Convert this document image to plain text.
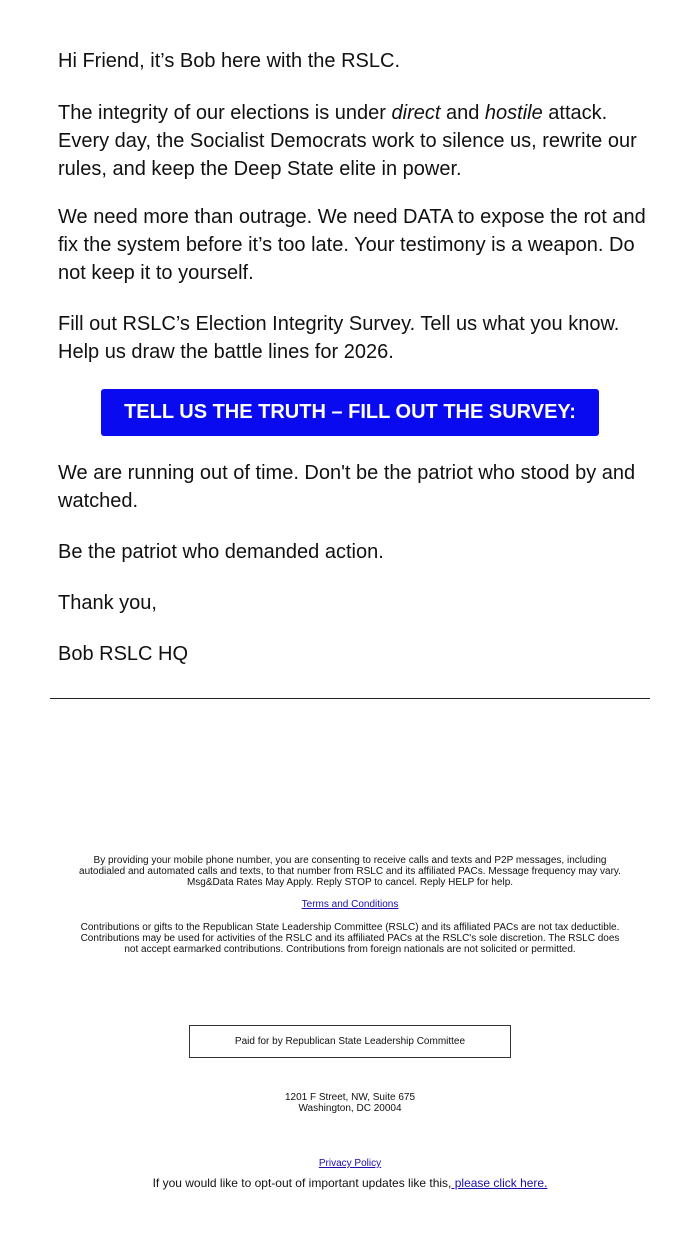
Hi Friend, it’s Bob here with the RSLC.

The integrity of our elections is under direct and hostile attack. Every day, the Socialist Democrats work to silence us, rewrite our rules, and keep the Deep State elite in power.

We need more than outrage. We need DATA to expose the rot and fix the system before it’s too late. Your testimony is a weapon. Do not keep it to yourself.

Fill out RSLC’s Election Integrity Survey. Tell us what you know. Help us draw the battle lines for 2026.

TELL US THE TRUTH – FILL OUT THE SURVEY:

We are running out of time. Don't be the patriot who stood by and watched.

Be the patriot who demanded action.

Thank you,

Bob RSLC HQ

By providing your mobile phone number, you are consenting to receive calls and texts and P2P messages, including autodialed and automated calls and texts, to that number from RSLC and its affiliated PACs. Message frequency may vary. Msg&Data Rates May Apply. Reply STOP to cancel. Reply HELP for help.
Terms and Conditions
Contributions or gifts to the Republican State Leadership Committee (RSLC) and its affiliated PACs are not tax deductible. Contributions may be used for activities of the RSLC and its affiliated PACs at the RSLC's sole discretion. The RSLC does not accept earmarked contributions. Contributions from foreign nationals are not solicited or permitted.
Paid for by Republican State Leadership Committee
1201 F Street, NW, Suite 675
Washington, DC 20004
Privacy Policy
If you would like to opt-out of important updates like this, please click here.
